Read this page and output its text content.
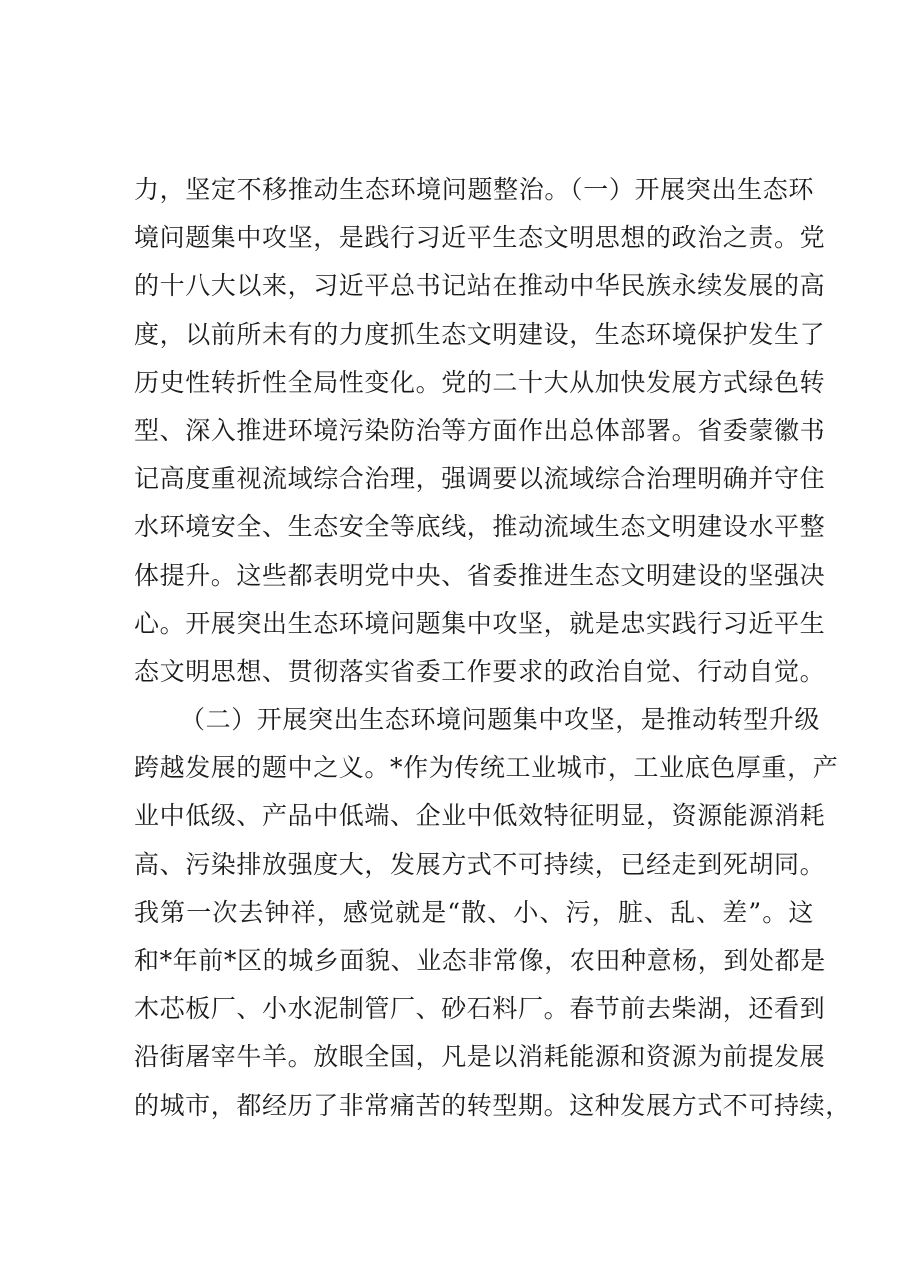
力，坚定不移推动生态环境问题整治。（一）开展突出生态环
境问题集中攻坚，是践行习近平生态文明思想的政治之责。党
的十八大以来，习近平总书记站在推动中华民族永续发展的高
度，以前所未有的力度抓生态文明建设，生态环境保护发生了
历史性转折性全局性变化。党的二十大从加快发展方式绿色转
型、深入推进环境污染防治等方面作出总体部署。省委蒙徽书
记高度重视流域综合治理，强调要以流域综合治理明确并守住
水环境安全、生态安全等底线，推动流域生态文明建设水平整
体提升。这些都表明党中央、省委推进生态文明建设的坚强决
心。开展突出生态环境问题集中攻坚，就是忠实践行习近平生
态文明思想、贯彻落实省委工作要求的政治自觉、行动自觉。
（二）开展突出生态环境问题集中攻坚，是推动转型升级
跨越发展的题中之义。*作为传统工业城市，工业底色厚重，产
业中低级、产品中低端、企业中低效特征明显，资源能源消耗
高、污染排放强度大，发展方式不可持续，已经走到死胡同。
我第一次去钟祥，感觉就是“散、小、污，脏、乱、差”。这
和*年前*区的城乡面貌、业态非常像，农田种意杨，到处都是
木芯板厂、小水泥制管厂、砂石料厂。春节前去柴湖，还看到
沿街屠宰牛羊。放眼全国，凡是以消耗能源和资源为前提发展
的城市，都经历了非常痛苦的转型期。这种发展方式不可持续，
